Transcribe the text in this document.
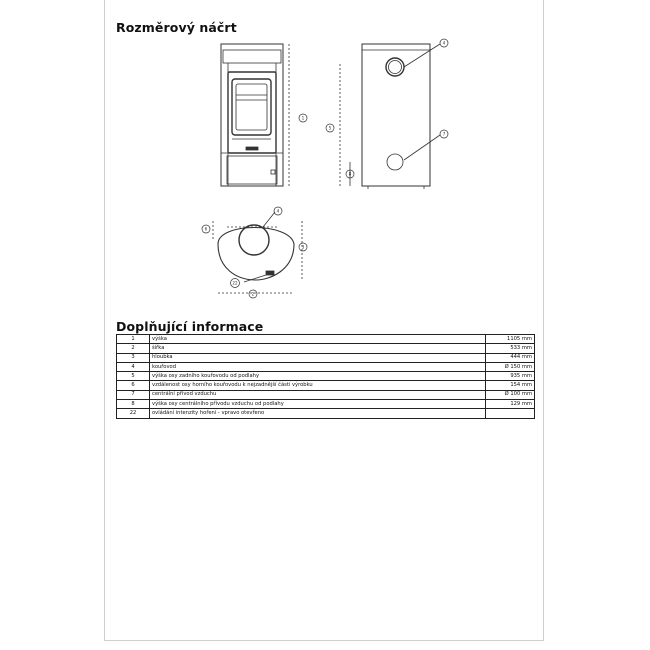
Rozměrový náčrt
1
5
4
7
8
4
6
3
2
22
Doplňující informace
1	výška	1105 mm
2	šířka	533 mm
3	hloubka	444 mm
4	kouřovod	Ø 150 mm
5	výška osy zadního kouřovodu od podlahy	935 mm
6	vzdálenost osy horního kouřovodu k nejzadnější části výrobku	154 mm
7	centrální přívod vzduchu	Ø 100 mm
8	výška osy centrálního přívodu vzduchu od podlahy	129 mm
22	ovládání intenzity hoření - vpravo otevřeno	
